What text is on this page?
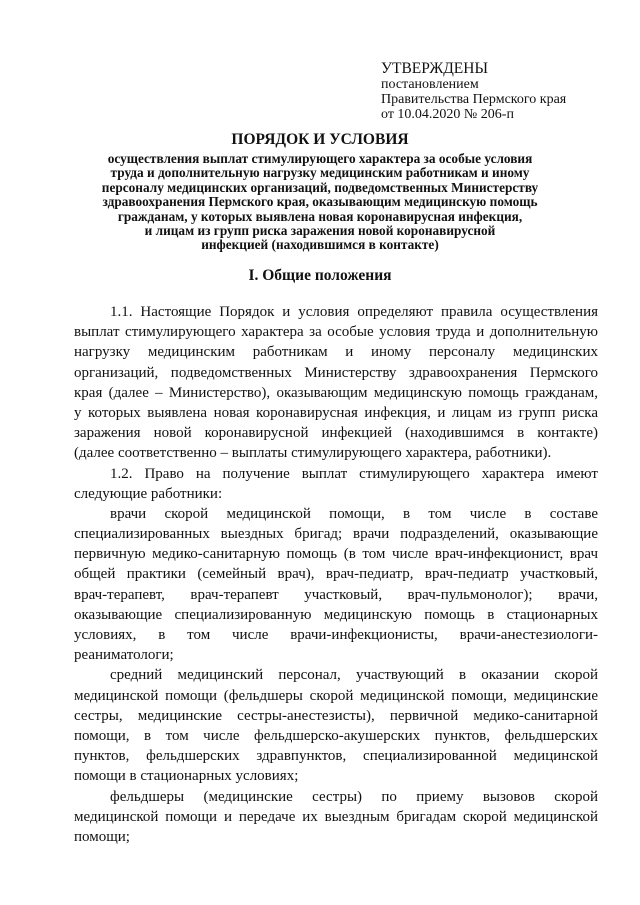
УТВЕРЖДЕНЫ
постановлением
Правительства Пермского края
от 10.04.2020 № 206-п
ПОРЯДОК И УСЛОВИЯ
осуществления выплат стимулирующего характера за особые условия
труда и дополнительную нагрузку медицинским работникам и иному
персоналу медицинских организаций, подведомственных Министерству
здравоохранения Пермского края, оказывающим медицинскую помощь
гражданам, у которых выявлена новая коронавирусная инфекция,
и лицам из групп риска заражения новой коронавирусной
инфекцией (находившимся в контакте)
I. Общие положения
1.1. Настоящие Порядок и условия определяют правила осуществления
выплат стимулирующего характера за особые условия труда и дополнительную
нагрузку медицинским работникам и иному персоналу медицинских
организаций, подведомственных Министерству здравоохранения Пермского
края (далее – Министерство), оказывающим медицинскую помощь гражданам,
у которых выявлена новая коронавирусная инфекция, и лицам из групп риска
заражения новой коронавирусной инфекцией (находившимся в контакте)
(далее соответственно – выплаты стимулирующего характера, работники).
1.2. Право на получение выплат стимулирующего характера имеют
следующие работники:
врачи скорой медицинской помощи, в том числе в составе
специализированных выездных бригад; врачи подразделений, оказывающие
первичную медико-санитарную помощь (в том числе врач-инфекционист, врач
общей практики (семейный врач), врач-педиатр, врач-педиатр участковый,
врач-терапевт, врач-терапевт участковый, врач-пульмонолог); врачи,
оказывающие специализированную медицинскую помощь в стационарных
условиях, в том числе врачи-инфекционисты, врачи-анестезиологи-
реаниматологи;
средний медицинский персонал, участвующий в оказании скорой
медицинской помощи (фельдшеры скорой медицинской помощи, медицинские
сестры, медицинские сестры-анестезисты), первичной медико-санитарной
помощи, в том числе фельдшерско-акушерских пунктов, фельдшерских
пунктов, фельдшерских здравпунктов, специализированной медицинской
помощи в стационарных условиях;
фельдшеры (медицинские сестры) по приему вызовов скорой
медицинской помощи и передаче их выездным бригадам скорой медицинской
помощи;
